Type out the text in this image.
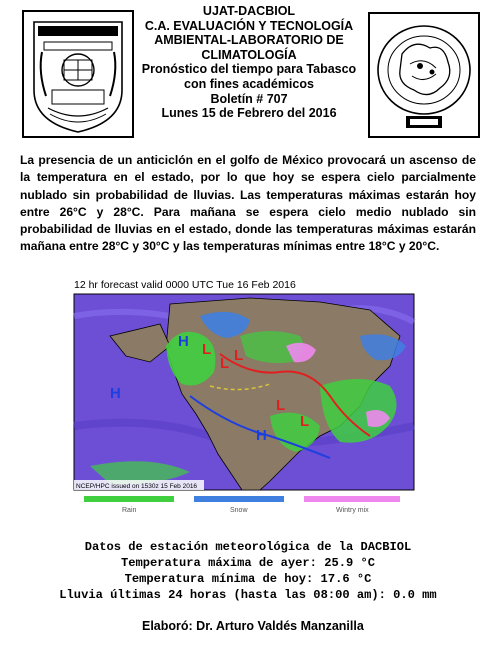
UJAT-DACBIOL
C.A. EVALUACIÓN Y TECNOLOGÍA
AMBIENTAL-LABORATORIO DE
CLIMATOLOGÍA
Pronóstico del tiempo para Tabasco
con fines académicos
Boletín # 707
Lunes 15 de Febrero del 2016
La presencia de un anticiclón en el golfo de México provocará un ascenso de la temperatura en el estado, por lo que hoy se espera cielo parcialmente nublado sin probabilidad de lluvias. Las temperaturas máximas estarán hoy entre 26°C y 28°C. Para mañana se espera cielo medio nublado sin probabilidad de lluvias en el estado, donde las temperaturas máximas estarán mañana entre 28°C y 30°C y las temperaturas mínimas entre 18°C y 20°C.
12 hr forecast valid 0000 UTC Tue 16 Feb 2016
H
H
H
L
L L
L
L
NCEP/HPC issued on 1530z 15 Feb 2016
Rain	Snow	Wintry mix
Datos de estación meteorológica de la DACBIOL
Temperatura máxima de ayer: 25.9 °C
Temperatura mínima de hoy: 17.6 °C
Lluvia últimas 24 horas (hasta las 08:00 am): 0.0 mm
Elaboró: Dr. Arturo Valdés Manzanilla
